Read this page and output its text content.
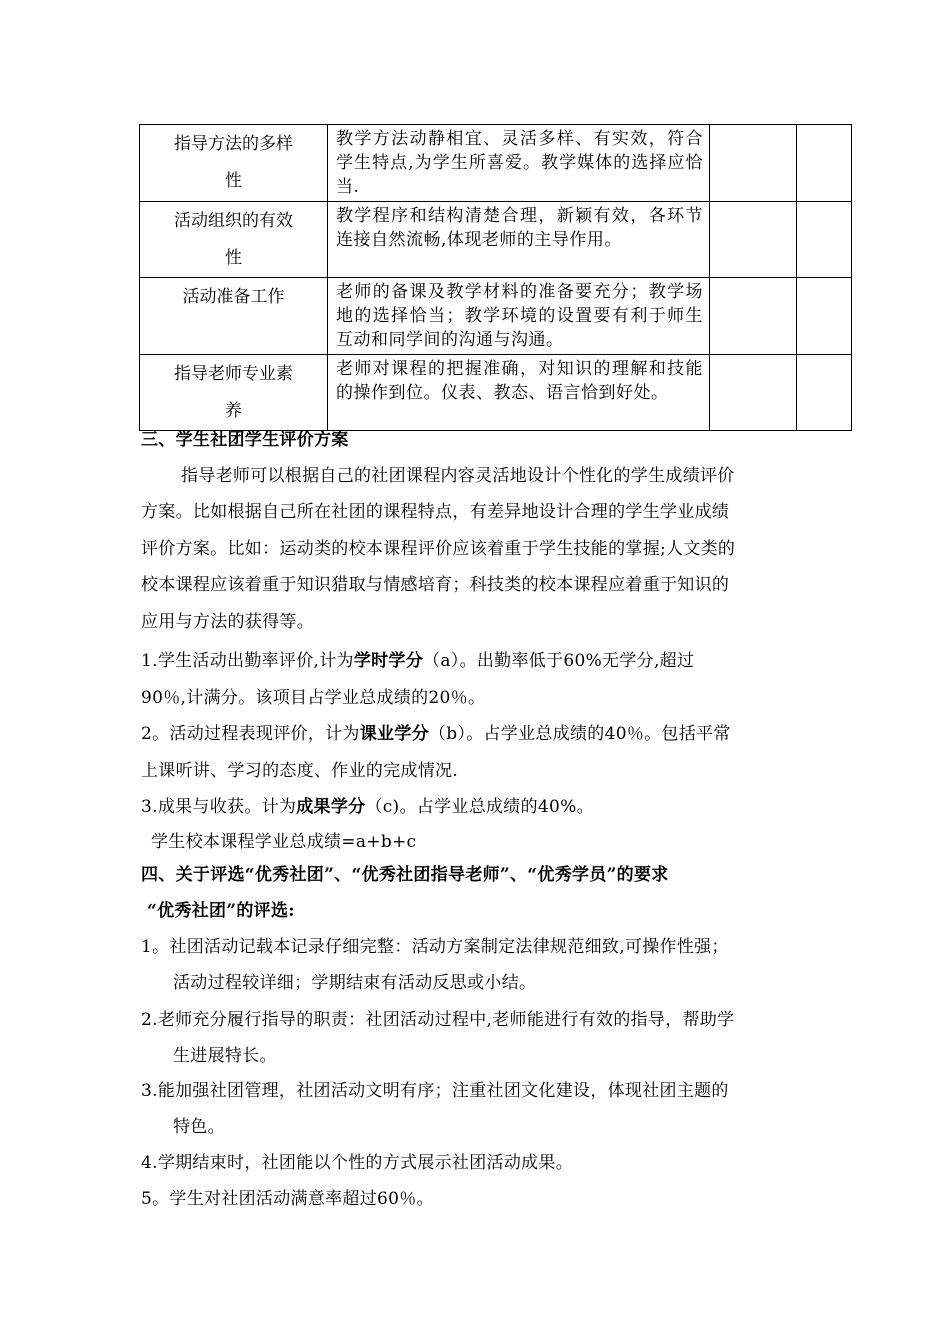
指导方法的多样
性	教学方法动静相宜、灵活多样、有实效，符合学生特点,为学生所喜爱。教学媒体的选择应恰当.		

活动组织的有效
性	教学程序和结构清楚合理，新颖有效，各环节连接自然流畅,体现老师的主导作用。		

活动准备工作	老师的备课及教学材料的准备要充分；教学场地的选择恰当；教学环境的设置要有利于师生互动和同学间的沟通与沟通。		

指导老师专业素
养	老师对课程的把握准确，对知识的理解和技能的操作到位。仪表、教态、语言恰到好处。		
三、学生社团学生评价方案
指导老师可以根据自己的社团课程内容灵活地设计个性化的学生成绩评价
方案。比如根据自己所在社团的课程特点，有差异地设计合理的学生学业成绩
评价方案。比如：运动类的校本课程评价应该着重于学生技能的掌握;人文类的
校本课程应该着重于知识猎取与情感培育；科技类的校本课程应着重于知识的
应用与方法的获得等。
1.学生活动出勤率评价,计为学时学分（a）。出勤率低于60%无学分,超过
90％,计满分。该项目占学业总成绩的20％。
2。活动过程表现评价，计为课业学分（b）。占学业总成绩的40％。包括平常
上课听讲、学习的态度、作业的完成情况.
3.成果与收获。计为成果学分（c)。占学业总成绩的40%。
学生校本课程学业总成绩=a+b+c
四、关于评选“优秀社团”、“优秀社团指导老师”、“优秀学员”的要求
“优秀社团”的评选:
1。社团活动记载本记录仔细完整：活动方案制定法律规范细致,可操作性强；
活动过程较详细；学期结束有活动反思或小结。
2.老师充分履行指导的职责：社团活动过程中,老师能进行有效的指导，帮助学
生进展特长。
3.能加强社团管理，社团活动文明有序；注重社团文化建设，体现社团主题的
特色。
4.学期结束时，社团能以个性的方式展示社团活动成果。
5。学生对社团活动满意率超过60％。
